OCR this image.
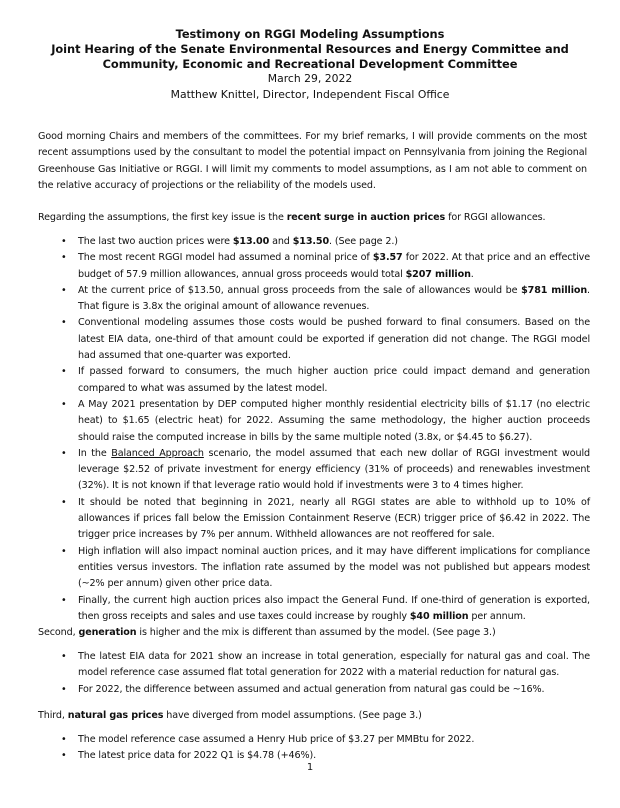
Testimony on RGGI Modeling Assumptions
Joint Hearing of the Senate Environmental Resources and Energy Committee and
Community, Economic and Recreational Development Committee
March 29, 2022
Matthew Knittel, Director, Independent Fiscal Office
Good morning Chairs and members of the committees. For my brief remarks, I will provide comments on the most recent assumptions used by the consultant to model the potential impact on Pennsylvania from joining the Regional Greenhouse Gas Initiative or RGGI. I will limit my comments to model assumptions, as I am not able to comment on the relative accuracy of projections or the reliability of the models used.
Regarding the assumptions, the first key issue is the recent surge in auction prices for RGGI allowances.
• The last two auction prices were $13.00 and $13.50. (See page 2.)
• The most recent RGGI model had assumed a nominal price of $3.57 for 2022. At that price and an effective budget of 57.9 million allowances, annual gross proceeds would total $207 million.
• At the current price of $13.50, annual gross proceeds from the sale of allowances would be $781 million. That figure is 3.8x the original amount of allowance revenues.
• Conventional modeling assumes those costs would be pushed forward to final consumers. Based on the latest EIA data, one-third of that amount could be exported if generation did not change. The RGGI model had assumed that one-quarter was exported.
• If passed forward to consumers, the much higher auction price could impact demand and generation compared to what was assumed by the latest model.
• A May 2021 presentation by DEP computed higher monthly residential electricity bills of $1.17 (no electric heat) to $1.65 (electric heat) for 2022. Assuming the same methodology, the higher auction proceeds should raise the computed increase in bills by the same multiple noted (3.8x, or $4.45 to $6.27).
• In the Balanced Approach scenario, the model assumed that each new dollar of RGGI investment would leverage $2.52 of private investment for energy efficiency (31% of proceeds) and renewables investment (32%). It is not known if that leverage ratio would hold if investments were 3 to 4 times higher.
• It should be noted that beginning in 2021, nearly all RGGI states are able to withhold up to 10% of allowances if prices fall below the Emission Containment Reserve (ECR) trigger price of $6.42 in 2022. The trigger price increases by 7% per annum. Withheld allowances are not reoffered for sale.
• High inflation will also impact nominal auction prices, and it may have different implications for compliance entities versus investors. The inflation rate assumed by the model was not published but appears modest (~2% per annum) given other price data.
• Finally, the current high auction prices also impact the General Fund. If one-third of generation is exported, then gross receipts and sales and use taxes could increase by roughly $40 million per annum.
Second, generation is higher and the mix is different than assumed by the model. (See page 3.)
• The latest EIA data for 2021 show an increase in total generation, especially for natural gas and coal. The model reference case assumed flat total generation for 2022 with a material reduction for natural gas.
• For 2022, the difference between assumed and actual generation from natural gas could be ~16%.
Third, natural gas prices have diverged from model assumptions. (See page 3.)
• The model reference case assumed a Henry Hub price of $3.27 per MMBtu for 2022.
• The latest price data for 2022 Q1 is $4.78 (+46%).
1
